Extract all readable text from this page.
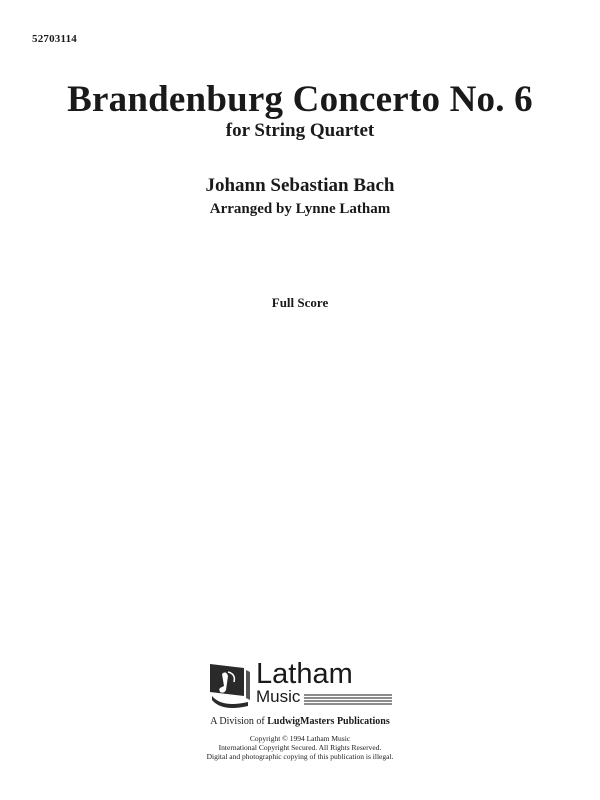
52703114
Brandenburg Concerto No. 6
for String Quartet
Johann Sebastian Bach
Arranged by Lynne Latham
Full Score
Latham
Music
A Division of LudwigMasters Publications
Copyright © 1994 Latham Music
International Copyright Secured. All Rights Reserved.
Digital and photographic copying of this publication is illegal.
